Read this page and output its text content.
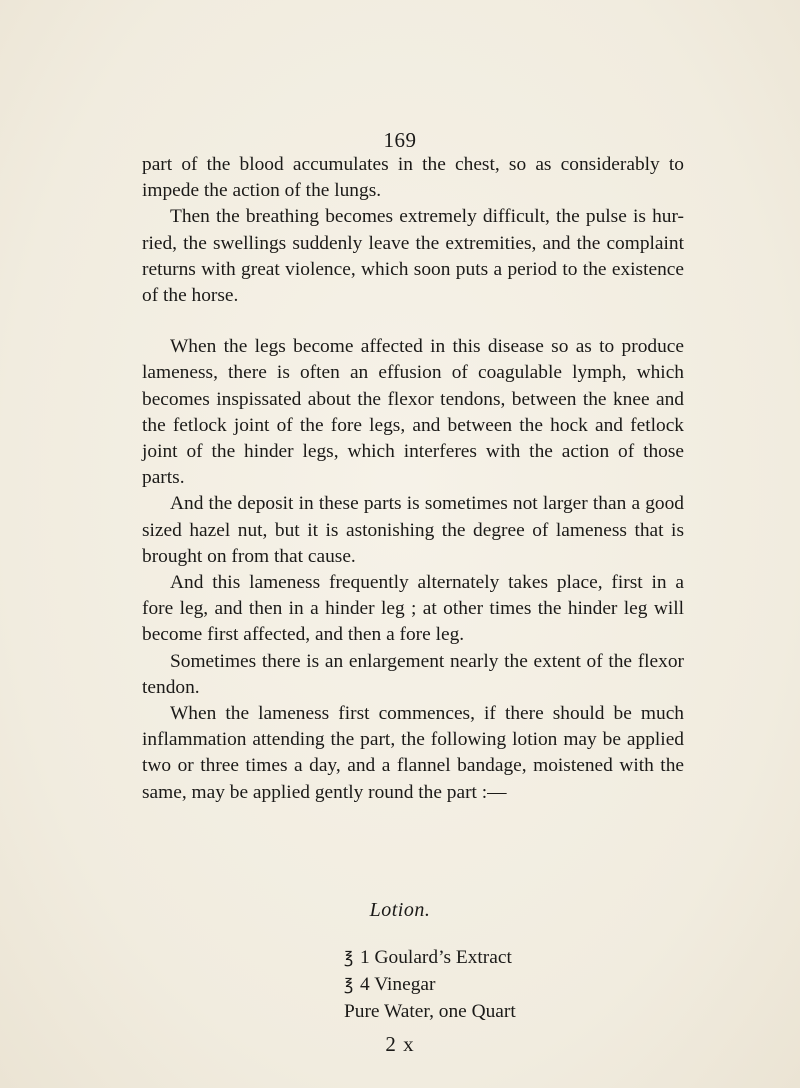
169

part of the blood accumulates in the chest, so as considerably to impede the action of the lungs.

Then the breathing becomes extremely difficult, the pulse is hur- ried, the swellings suddenly leave the extremities, and the complaint returns with great violence, which soon puts a period to the existence of the horse.

When the legs become affected in this disease so as to produce lameness, there is often an effusion of coagulable lymph, which becomes inspissated about the flexor tendons, between the knee and the fetlock joint of the fore legs, and between the hock and fetlock joint of the hinder legs, which interferes with the action of those parts.

And the deposit in these parts is sometimes not larger than a good sized hazel nut, but it is astonishing the degree of lameness that is brought on from that cause.

And this lameness frequently alternately takes place, first in a fore leg, and then in a hinder leg ; at other times the hinder leg will become first affected, and then a fore leg.

Sometimes there is an enlargement nearly the extent of the flexor tendon.

When the lameness first commences, if there should be much inflammation attending the part, the following lotion may be applied two or three times a day, and a flannel bandage, moistened with the same, may be applied gently round the part :—

Lotion.
℥ 1 Goulard’s Extract
℥ 4 Vinegar
Pure Water, one Quart
2 x
